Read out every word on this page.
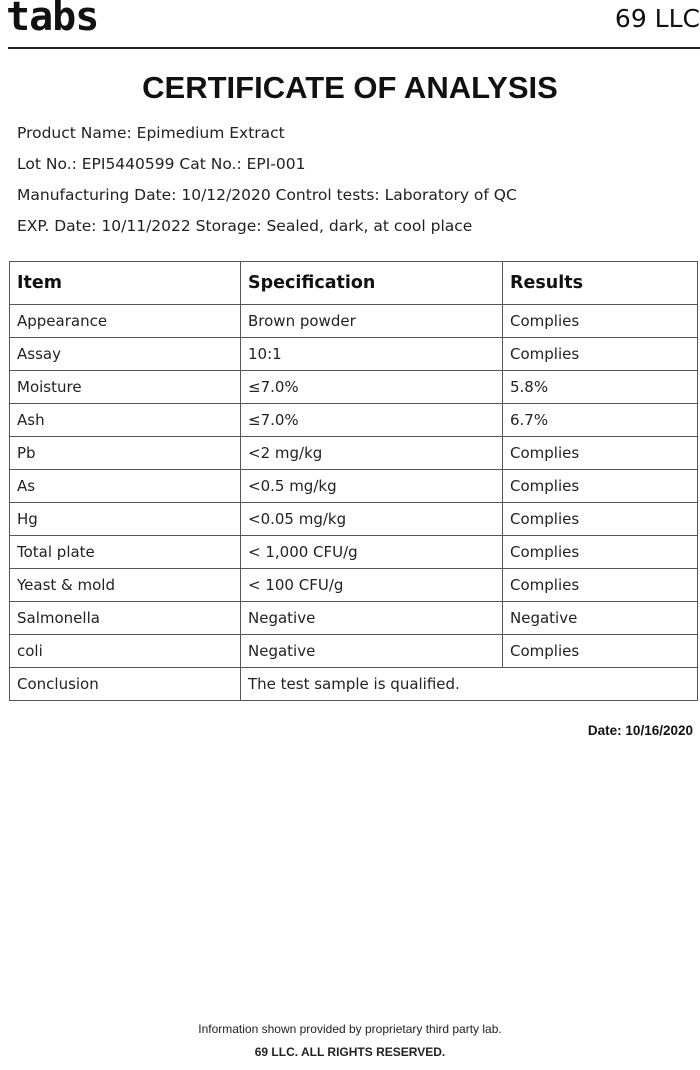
tabs	69 LLC
CERTIFICATE OF ANALYSIS
Product Name: Epimedium Extract
Lot No.: EPI5440599 Cat No.: EPI-001
Manufacturing Date: 10/12/2020 Control tests: Laboratory of QC
EXP. Date: 10/11/2022 Storage: Sealed, dark, at cool place
Item	Specification	Results
Appearance	Brown powder	Complies
Assay	10:1	Complies
Moisture	≤7.0%	5.8%
Ash	≤7.0%	6.7%
Pb	<2 mg/kg	Complies
As	<0.5 mg/kg	Complies
Hg	<0.05 mg/kg	Complies
Total plate	< 1,000 CFU/g	Complies
Yeast & mold	< 100 CFU/g	Complies
Salmonella	Negative	Negative
coli	Negative	Complies
Conclusion	The test sample is qualified.	
Date: 10/16/2020
Information shown provided by proprietary third party lab.
69 LLC. ALL RIGHTS RESERVED.
